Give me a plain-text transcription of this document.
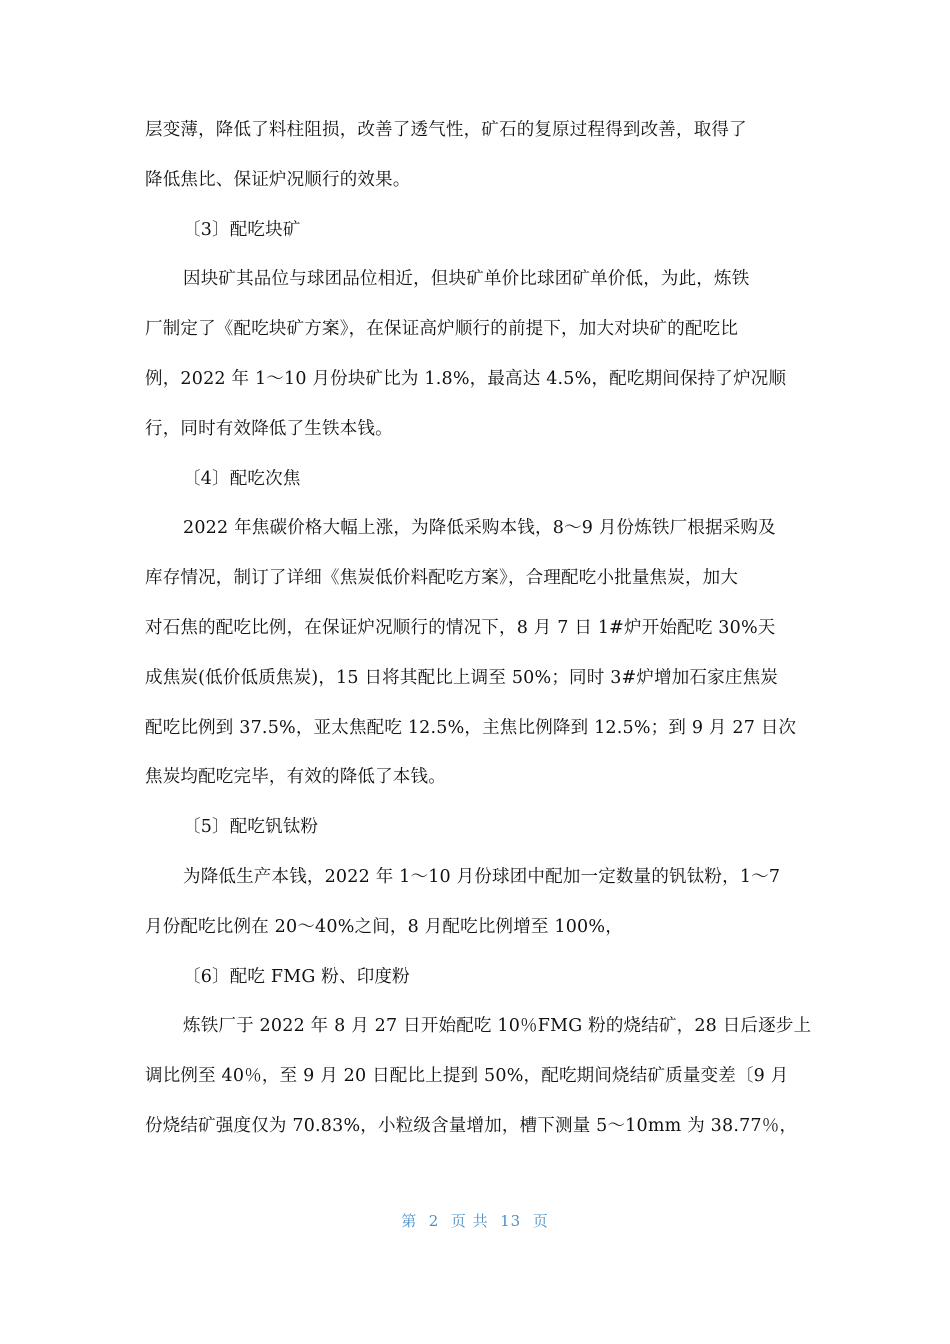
层变薄，降低了料柱阻损，改善了透气性，矿石的复原过程得到改善，取得了
降低焦比、保证炉况顺行的效果。
〔3〕配吃块矿
因块矿其品位与球团品位相近，但块矿单价比球团矿单价低，为此，炼铁
厂制定了《配吃块矿方案》，在保证高炉顺行的前提下，加大对块矿的配吃比
例，2022 年 1～10 月份块矿比为 1.8%，最高达 4.5%，配吃期间保持了炉况顺
行，同时有效降低了生铁本钱。
〔4〕配吃次焦
2022 年焦碳价格大幅上涨，为降低采购本钱，8～9 月份炼铁厂根据采购及
库存情况，制订了详细《焦炭低价料配吃方案》，合理配吃小批量焦炭，加大
对石焦的配吃比例，在保证炉况顺行的情况下，8 月 7 日 1#炉开始配吃 30%天
成焦炭(低价低质焦炭)，15 日将其配比上调至 50%；同时 3#炉增加石家庄焦炭
配吃比例到 37.5%，亚太焦配吃 12.5%，主焦比例降到 12.5%；到 9 月 27 日次
焦炭均配吃完毕，有效的降低了本钱。
〔5〕配吃钒钛粉
为降低生产本钱，2022 年 1～10 月份球团中配加一定数量的钒钛粉，1～7
月份配吃比例在 20～40%之间，8 月配吃比例增至 100%，
〔6〕配吃 FMG 粉、印度粉
炼铁厂于 2022 年 8 月 27 日开始配吃 10％FMG 粉的烧结矿，28 日后逐步上
调比例至 40％，至 9 月 20 日配比上提到 50%，配吃期间烧结矿质量变差〔9 月
份烧结矿强度仅为 70.83%，小粒级含量增加，槽下测量 5～10mm 为 38.77％，
第  2  页 共  13  页
